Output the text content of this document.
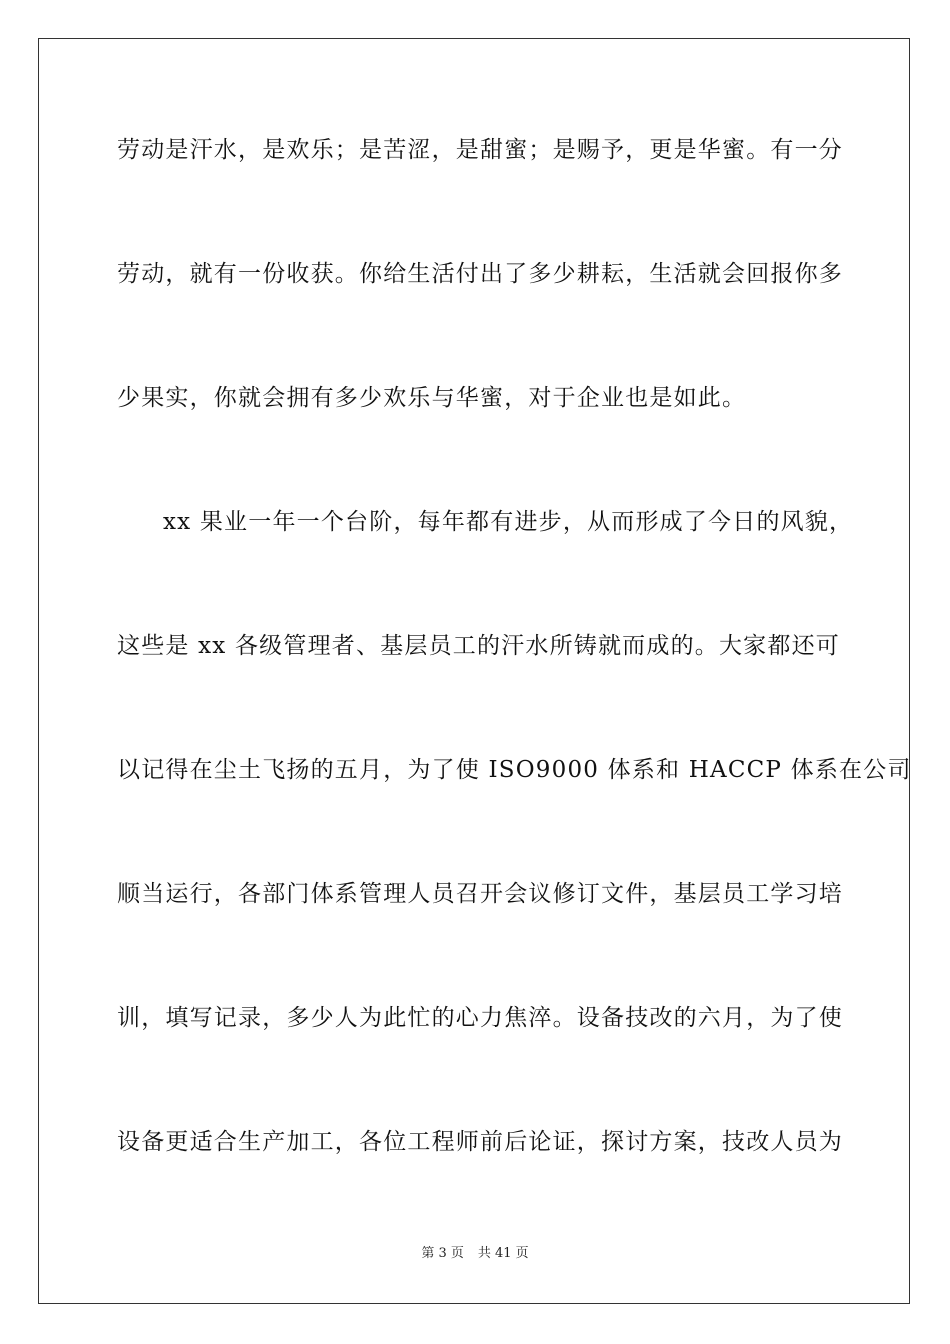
劳动是汗水，是欢乐；是苦涩，是甜蜜；是赐予，更是华蜜。有一分
劳动，就有一份收获。你给生活付出了多少耕耘，生活就会回报你多
少果实，你就会拥有多少欢乐与华蜜，对于企业也是如此。
xx 果业一年一个台阶，每年都有进步，从而形成了今日的风貌，
这些是 xx 各级管理者、基层员工的汗水所铸就而成的。大家都还可
以记得在尘土飞扬的五月，为了使 ISO9000 体系和 HACCP 体系在公司
顺当运行，各部门体系管理人员召开会议修订文件，基层员工学习培
训，填写记录，多少人为此忙的心力焦淬。设备技改的六月，为了使
设备更适合生产加工，各位工程师前后论证，探讨方案，技改人员为
第 3 页 共 41 页
